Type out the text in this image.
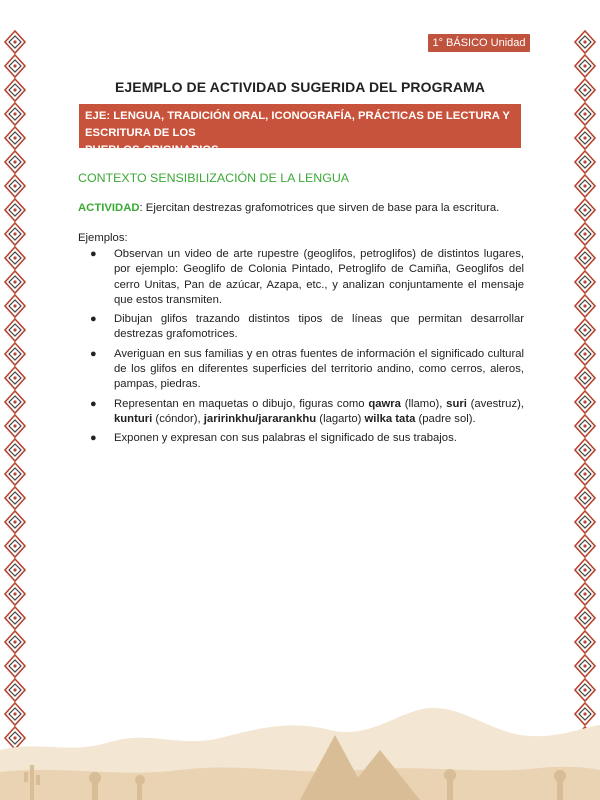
1° BÁSICO Unidad 3
EJEMPLO DE ACTIVIDAD SUGERIDA DEL PROGRAMA
EJE: LENGUA, TRADICIÓN ORAL, ICONOGRAFÍA, PRÁCTICAS DE LECTURA Y ESCRITURA DE LOS
PUEBLOS ORIGINARIOS.
CONTEXTO SENSIBILIZACIÓN DE LA LENGUA
ACTIVIDAD: Ejercitan destrezas grafomotrices que sirven de base para la escritura.
Ejemplos:
● Observan un video de arte rupestre (geoglifos, petroglifos) de distintos lugares, por ejemplo: Geoglifo de Colonia Pintado, Petroglifo de Camiña, Geoglifos del cerro Unitas, Pan de azúcar, Azapa, etc., y analizan conjuntamente el mensaje que estos transmiten.
● Dibujan glifos trazando distintos tipos de líneas que permitan desarrollar destrezas grafomotrices.
● Averiguan en sus familias y en otras fuentes de información el significado cultural de los glifos en diferentes superficies del territorio andino, como cerros, aleros, pampas, piedras.
● Representan en maquetas o dibujo, figuras como qawra (llamo), suri (avestruz), kunturi (cóndor), jaririnkhu/jararankhu (lagarto) wilka tata (padre sol).
● Exponen y expresan con sus palabras el significado de sus trabajos.
